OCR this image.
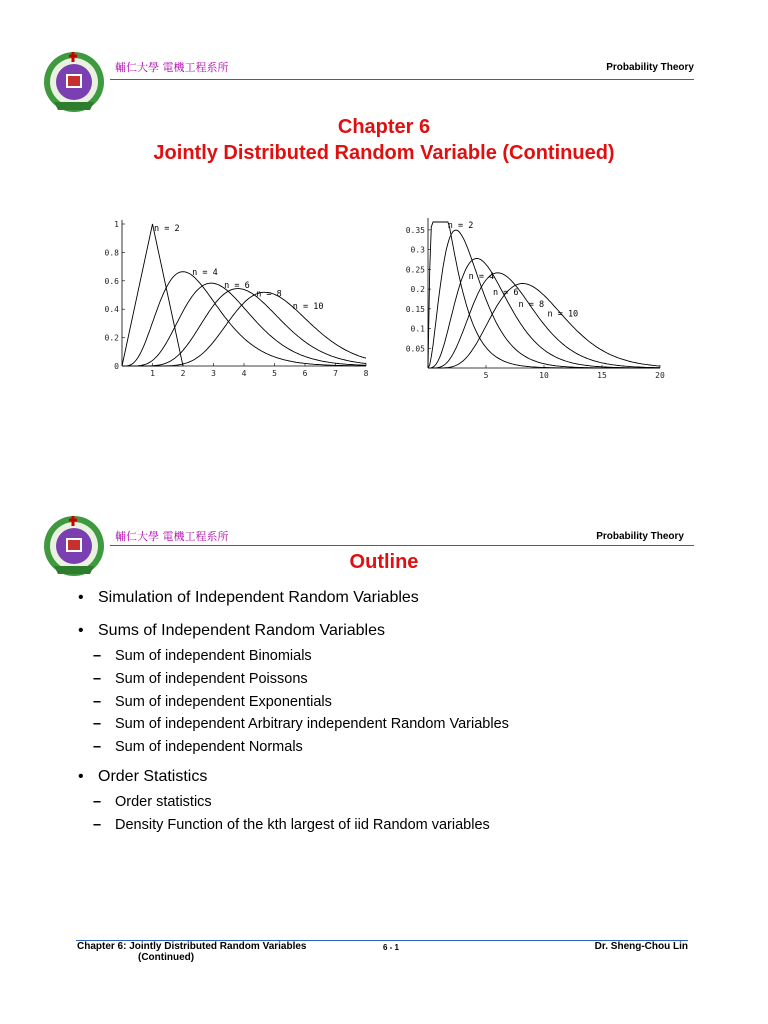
輔仁大學 電機工程系所	Probability Theory
Chapter 6
Jointly Distributed Random Variable (Continued)
1	2	3	4	5	6	7	8
0
0.2
0.4
0.6
0.8
1	n = 2
n = 4
n = 6
n = 8
n = 10
5	10	15	20
0.05
0.1
0.15
0.2
0.25
0.3
0.35	n = 2
n = 4
n = 6
n = 8
n = 10
輔仁大學 電機工程系所	Probability Theory
Outline
• Simulation of Independent Random Variables
• Sums of Independent Random Variables
– Sum of independent Binomials
– Sum of independent Poissons
– Sum of independent Exponentials
– Sum of independent Arbitrary independent Random Variables
– Sum of independent Normals
• Order Statistics
– Order statistics
– Density Function of the kth largest of iid Random variables
Chapter 6: Jointly Distributed Random Variables
(Continued)
6 - 1	Dr. Sheng-Chou Lin
